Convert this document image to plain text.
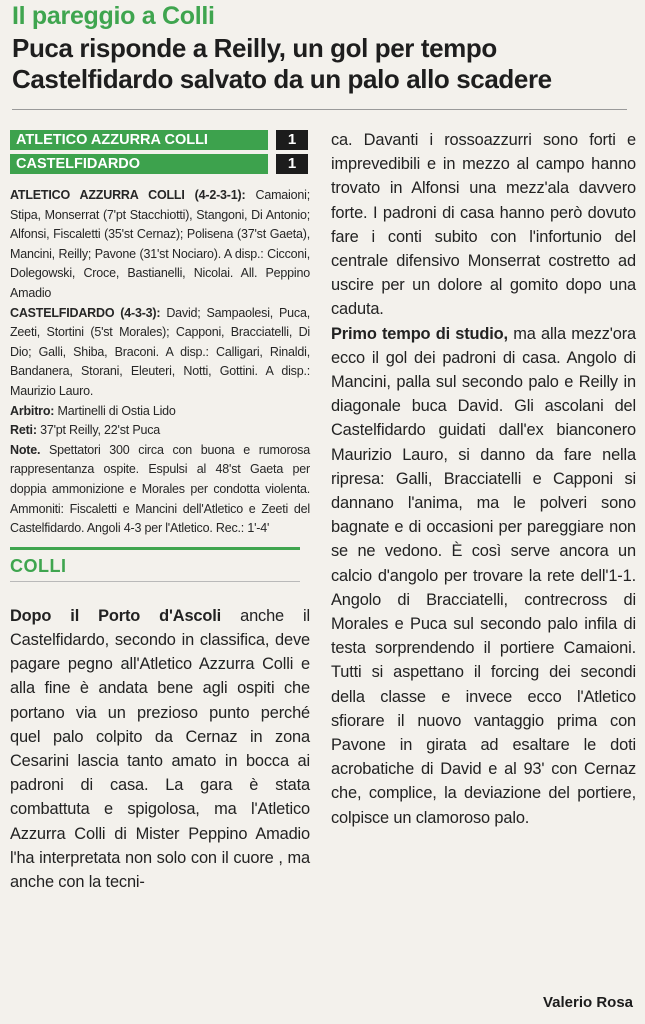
Il pareggio a Colli
Puca risponde a Reilly, un gol per tempo
Castelfidardo salvato da un palo allo scadere
ATLETICO AZZURRA COLLI	1
CASTELFIDARDO	1

ATLETICO AZZURRA COLLI (4-2-3-1): Camaioni; Stipa, Monserrat (7'pt Stacchiotti), Stangoni, Di Antonio; Alfonsi, Fiscaletti (35'st Cernaz); Polisena (37'st Gaeta), Mancini, Reilly; Pavone (31'st Nociaro). A disp.: Cicconi, Dolegowski, Croce, Bastianelli, Nicolai. All. Peppino Amadio

CASTELFIDARDO (4-3-3): David; Sampaolesi, Puca, Zeeti, Stortini (5'st Morales); Capponi, Bracciatelli, Di Dio; Galli, Shiba, Braconi. A disp.: Calligari, Rinaldi, Bandanera, Storani, Eleuteri, Notti, Gottini. A disp.: Maurizio Lauro.

Arbitro: Martinelli di Ostia Lido

Reti: 37'pt Reilly, 22'st Puca

Note. Spettatori 300 circa con buona e rumorosa rappresentanza ospite. Espulsi al 48'st Gaeta per doppia ammonizione e Morales per condotta violenta. Ammoniti: Fiscaletti e Mancini dell'Atletico e Zeeti del Castelfidardo. Angoli 4-3 per l'Atletico. Rec.: 1'-4'

COLLI

Dopo il Porto d'Ascoli anche il Castelfidardo, secondo in classifica, deve pagare pegno all'Atletico Azzurra Colli e alla fine è andata bene agli ospiti che portano via un prezioso punto perché quel palo colpito da Cernaz in zona Cesarini lascia tanto amato in bocca ai padroni di casa. La gara è stata combattuta e spigolosa, ma l'Atletico Azzurra Colli di Mister Peppino Amadio l'ha interpretata non solo con il cuore , ma anche con la tecni-

ca. Davanti i rossoazzurri sono forti e imprevedibili e in mezzo al campo hanno trovato in Alfonsi una mezz'ala davvero forte. I padroni di casa hanno però dovuto fare i conti subito con l'infortunio del centrale difensivo Monserrat costretto ad uscire per un dolore al gomito dopo una caduta.

Primo tempo di studio, ma alla mezz'ora ecco il gol dei padroni di casa. Angolo di Mancini, palla sul secondo palo e Reilly in diagonale buca David. Gli ascolani del Castelfidardo guidati dall'ex bianconero Maurizio Lauro, si danno da fare nella ripresa: Galli, Bracciatelli e Capponi si dannano l'anima, ma le polveri sono bagnate e di occasioni per pareggiare non se ne vedono. È così serve ancora un calcio d'angolo per trovare la rete dell'1-1. Angolo di Bracciatelli, contrecross di Morales e Puca sul secondo palo infila di testa sorprendendo il portiere Camaioni. Tutti si aspettano il forcing dei secondi della classe e invece ecco l'Atletico sfiorare il nuovo vantaggio prima con Pavone in girata ad esaltare le doti acrobatiche di David e al 93' con Cernaz che, complice, la deviazione del portiere, colpisce un clamoroso palo.

Valerio Rosa
